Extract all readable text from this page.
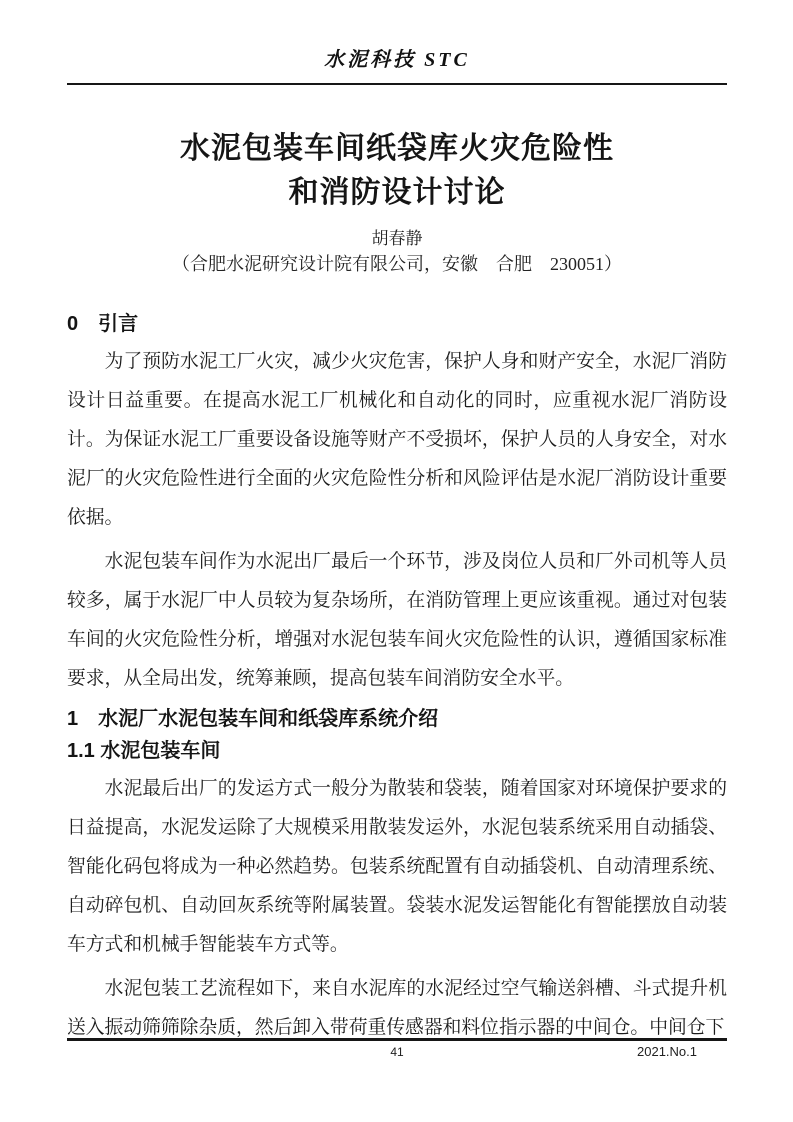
水泥科技 STC
水泥包装车间纸袋库火灾危险性
和消防设计讨论
胡春静
（合肥水泥研究设计院有限公司，安徽　合肥　230051）
0　引言

为了预防水泥工厂火灾，减少火灾危害，保护人身和财产安全，水泥厂消防设计日益重要。在提高水泥工厂机械化和自动化的同时，应重视水泥厂消防设计。为保证水泥工厂重要设备设施等财产不受损坏，保护人员的人身安全，对水泥厂的火灾危险性进行全面的火灾危险性分析和风险评估是水泥厂消防设计重要依据。

水泥包装车间作为水泥出厂最后一个环节，涉及岗位人员和厂外司机等人员较多，属于水泥厂中人员较为复杂场所，在消防管理上更应该重视。通过对包装车间的火灾危险性分析，增强对水泥包装车间火灾危险性的认识，遵循国家标准要求，从全局出发，统筹兼顾，提高包装车间消防安全水平。

1　水泥厂水泥包装车间和纸袋库系统介绍
1.1 水泥包装车间

水泥最后出厂的发运方式一般分为散装和袋装，随着国家对环境保护要求的日益提高，水泥发运除了大规模采用散装发运外，水泥包装系统采用自动插袋、智能化码包将成为一种必然趋势。包装系统配置有自动插袋机、自动清理系统、自动碎包机、自动回灰系统等附属装置。袋装水泥发运智能化有智能摆放自动装车方式和机械手智能装车方式等。

水泥包装工艺流程如下，来自水泥库的水泥经过空气输送斜槽、斗式提升机送入振动筛筛除杂质，然后卸入带荷重传感器和料位指示器的中间仓。中间仓下

41	2021.No.1
